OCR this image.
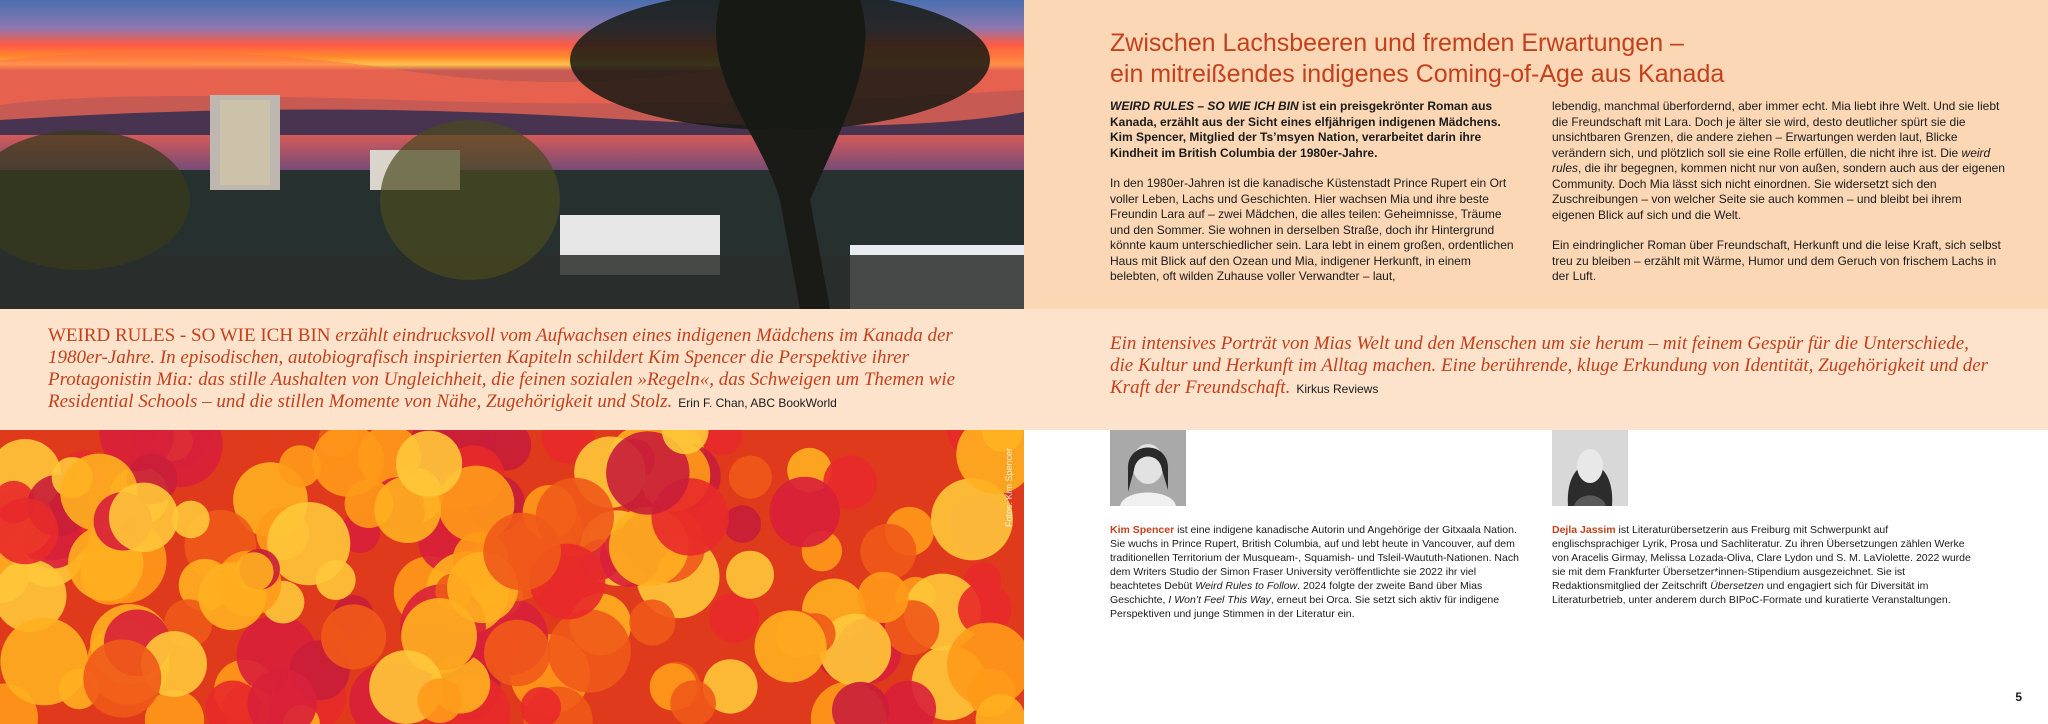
Zwischen Lachsbeeren und fremden Erwartungen –
ein mitreißendes indigenes Coming-of-Age aus Kanada

WEIRD RULES – SO WIE ICH BIN ist ein preisgekrönter Roman aus Kanada, erzählt aus der Sicht eines elfjährigen indigenen Mädchens. Kim Spencer, Mitglied der Ts’msyen Nation, verarbeitet darin ihre Kindheit im British Columbia der 1980er-Jahre.

In den 1980er-Jahren ist die kanadische Küstenstadt Prince Rupert ein Ort voller Leben, Lachs und Geschichten. Hier wachsen Mia und ihre beste Freundin Lara auf – zwei Mädchen, die alles teilen: Geheimnisse, Träume und den Sommer. Sie wohnen in derselben Straße, doch ihr Hintergrund könnte kaum unterschiedlicher sein. Lara lebt in einem großen, ordentlichen Haus mit Blick auf den Ozean und Mia, indigener Herkunft, in einem belebten, oft wilden Zuhause voller Verwandter – laut,

lebendig, manchmal überfordernd, aber immer echt. Mia liebt ihre Welt. Und sie liebt die Freundschaft mit Lara. Doch je älter sie wird, desto deutlicher spürt sie die unsichtbaren Grenzen, die andere ziehen – Erwartungen werden laut, Blicke verändern sich, und plötzlich soll sie eine Rolle erfüllen, die nicht ihre ist. Die weird rules, die ihr begegnen, kommen nicht nur von außen, sondern auch aus der eigenen Community. Doch Mia lässt sich nicht einordnen. Sie widersetzt sich den Zuschreibungen – von welcher Seite sie auch kommen – und bleibt bei ihrem eigenen Blick auf sich und die Welt.

Ein eindringlicher Roman über Freundschaft, Herkunft und die leise Kraft, sich selbst treu zu bleiben – erzählt mit Wärme, Humor und dem Geruch von frischem Lachs in der Luft.

WEIRD RULES - SO WIE ICH BIN erzählt eindrucksvoll vom Aufwachsen eines indigenen Mädchens im Kanada der 1980er-Jahre. In episodischen, autobiografisch inspirierten Kapiteln schildert Kim Spencer die Perspektive ihrer Protagonistin Mia: das stille Aushalten von Ungleichheit, die feinen sozialen »Regeln«, das Schweigen um Themen wie Residential Schools – und die stillen Momente von Nähe, Zugehörigkeit und Stolz. Erin F. Chan, ABC BookWorld
Ein intensives Porträt von Mias Welt und den Menschen um sie herum – mit feinem Gespür für die Unterschiede, die Kultur und Herkunft im Alltag machen. Eine berührende, kluge Erkundung von Identität, Zugehörigkeit und der Kraft der Freundschaft. Kirkus Reviews
Fotos: Kim Spencer
Kim Spencer ist eine indigene kanadische Autorin und Angehörige der Gitxaala Nation. Sie wuchs in Prince Rupert, British Columbia, auf und lebt heute in Vancouver, auf dem traditionellen Territorium der Musqueam-, Squamish- und Tsleil-Waututh-Nationen. Nach dem Writers Studio der Simon Fraser University veröffentlichte sie 2022 ihr viel beachtetes Debüt Weird Rules to Follow. 2024 folgte der zweite Band über Mias Geschichte, I Won’t Feel This Way, erneut bei Orca. Sie setzt sich aktiv für indigene Perspektiven und junge Stimmen in der Literatur ein.
Dejla Jassim ist Literaturübersetzerin aus Freiburg mit Schwerpunkt auf englischsprachiger Lyrik, Prosa und Sachliteratur. Zu ihren Übersetzungen zählen Werke von Aracelis Girmay, Melissa Lozada-Oliva, Clare Lydon und S. M. LaViolette. 2022 wurde sie mit dem Frankfurter Übersetzer*innen-Stipendium ausgezeichnet. Sie ist Redaktionsmitglied der Zeitschrift Übersetzen und engagiert sich für Diversität im Literaturbetrieb, unter anderem durch BIPoC-Formate und kuratierte Veranstaltungen.
5
